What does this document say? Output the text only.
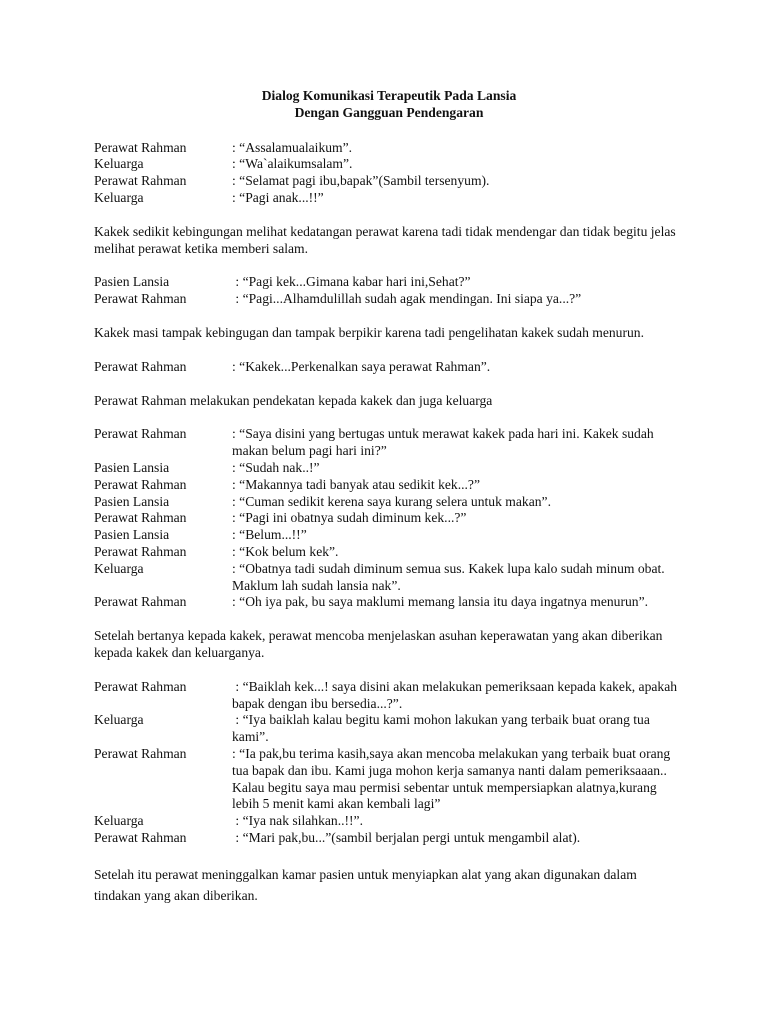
Dialog Komunikasi Terapeutik Pada Lansia

Dengan Gangguan Pendengaran

Perawat Rahman	: “Assalamualaikum”.
Keluarga	: “Wa`alaikumsalam”.
Perawat Rahman	: “Selamat pagi ibu,bapak”(Sambil tersenyum).
Keluarga	: “Pagi anak...!!”

Kakek sedikit kebingungan melihat kedatangan perawat karena tadi tidak mendengar dan tidak begitu jelas melihat perawat ketika memberi salam.

Pasien Lansia	: “Pagi kek...Gimana kabar hari ini,Sehat?”
Perawat Rahman	: “Pagi...Alhamdulillah sudah agak mendingan. Ini siapa ya...?”

Kakek masi tampak kebingugan dan tampak berpikir karena tadi pengelihatan kakek sudah menurun.

Perawat Rahman	: “Kakek...Perkenalkan saya perawat Rahman”.

Perawat Rahman melakukan pendekatan kepada kakek dan juga keluarga

Perawat Rahman	: “Saya disini yang bertugas untuk merawat kakek pada hari ini. Kakek sudah makan belum pagi hari ini?”
Pasien Lansia	: “Sudah nak..!”
Perawat Rahman	: “Makannya tadi banyak atau sedikit kek...?”
Pasien Lansia	: “Cuman sedikit kerena saya kurang selera untuk makan”.
Perawat Rahman	: “Pagi ini obatnya sudah diminum kek...?”
Pasien Lansia	: “Belum...!!”
Perawat Rahman	: “Kok belum kek”.
Keluarga	: “Obatnya tadi sudah diminum semua sus. Kakek lupa kalo sudah minum obat. Maklum lah sudah lansia nak”.
Perawat Rahman	: “Oh iya pak, bu saya maklumi memang lansia itu daya ingatnya menurun”.

Setelah bertanya kepada kakek, perawat mencoba menjelaskan asuhan keperawatan yang akan diberikan kepada kakek dan keluarganya.

Perawat Rahman	: “Baiklah kek...! saya disini akan melakukan pemeriksaan kepada kakek, apakah bapak dengan ibu bersedia...?”.
Keluarga	: “Iya baiklah kalau begitu kami mohon lakukan yang terbaik buat orang tua kami”.
Perawat Rahman	: “Ia pak,bu terima kasih,saya akan mencoba melakukan yang terbaik buat orang tua bapak dan ibu. Kami juga mohon kerja samanya nanti dalam pemeriksaaan.. Kalau begitu saya mau permisi sebentar untuk mempersiapkan alatnya,kurang lebih 5 menit kami akan kembali lagi”
Keluarga	: “Iya nak silahkan..!!”.
Perawat Rahman	: “Mari pak,bu...”(sambil berjalan pergi untuk mengambil alat).

Setelah itu perawat meninggalkan kamar pasien untuk menyiapkan alat yang akan digunakan dalam tindakan yang akan diberikan.
